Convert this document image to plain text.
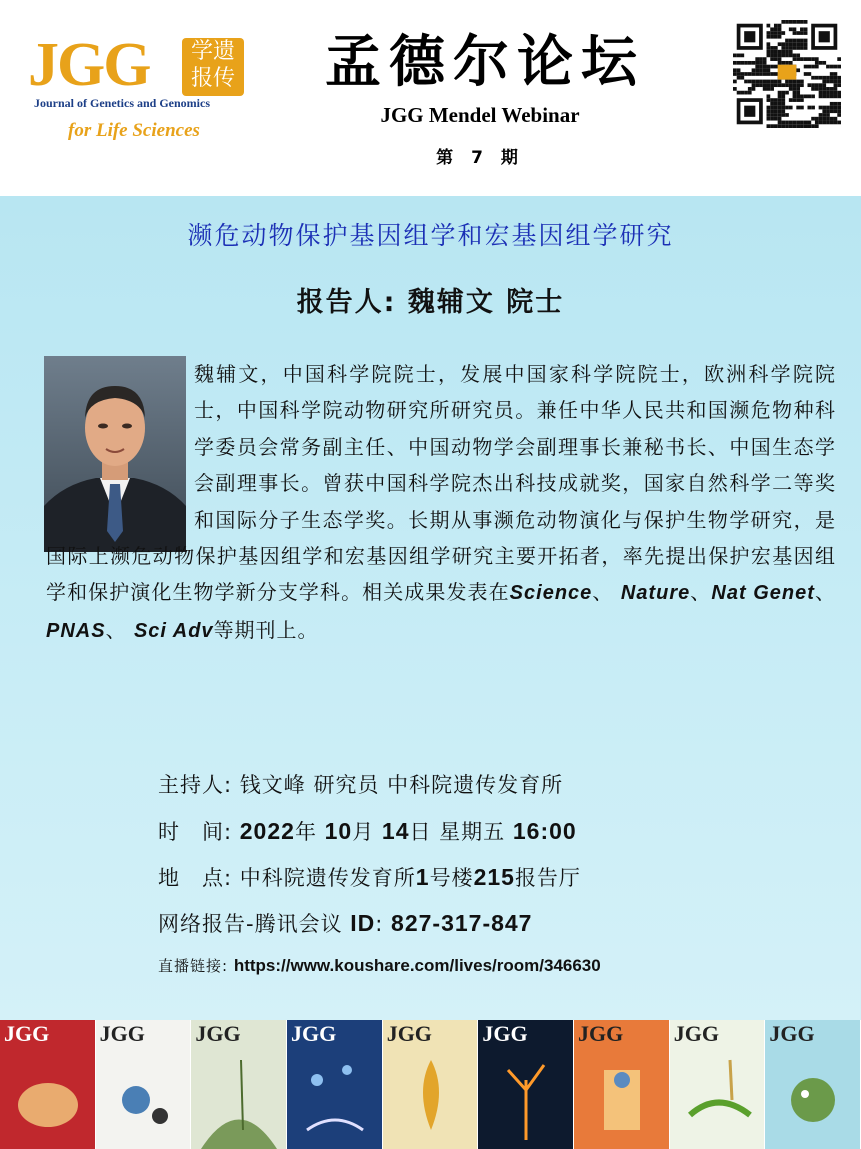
JGG	学遗
报传
Journal of Genetics and Genomics
for Life Sciences
孟德尔论坛
JGG Mendel Webinar
第 7 期
濒危动物保护基因组学和宏基因组学研究
报告人: 魏辅文 院士
魏辅文，中国科学院院士，发展中国家科学院院士，欧洲科学院院士，中国科学院动物研究所研究员。兼任中华人民共和国濒危物种科学委员会常务副主任、中国动物学会副理事长兼秘书长、中国生态学会副理事长。曾获中国科学院杰出科技成就奖，国家自然科学二等奖和国际分子生态学奖。长期从事濒危动物演化与保护生物学研究，是国际上濒危动物保护基因组学和宏基因组学研究主要开拓者，率先提出保护宏基因组学和保护演化生物学新分支学科。相关成果发表在Science、 Nature、Nat Genet、PNAS、 Sci Adv等期刊上。
主持人: 钱文峰 研究员 中科院遗传发育所
时　间: 2022年 10月 14日 星期五 16:00
地　点: 中科院遗传发育所1号楼215报告厅
网络报告-腾讯会议 ID: 827-317-847
直播链接: https://www.koushare.com/lives/room/346630
JGG JGG JGG JGG JGG JGG JGG JGG JGG
